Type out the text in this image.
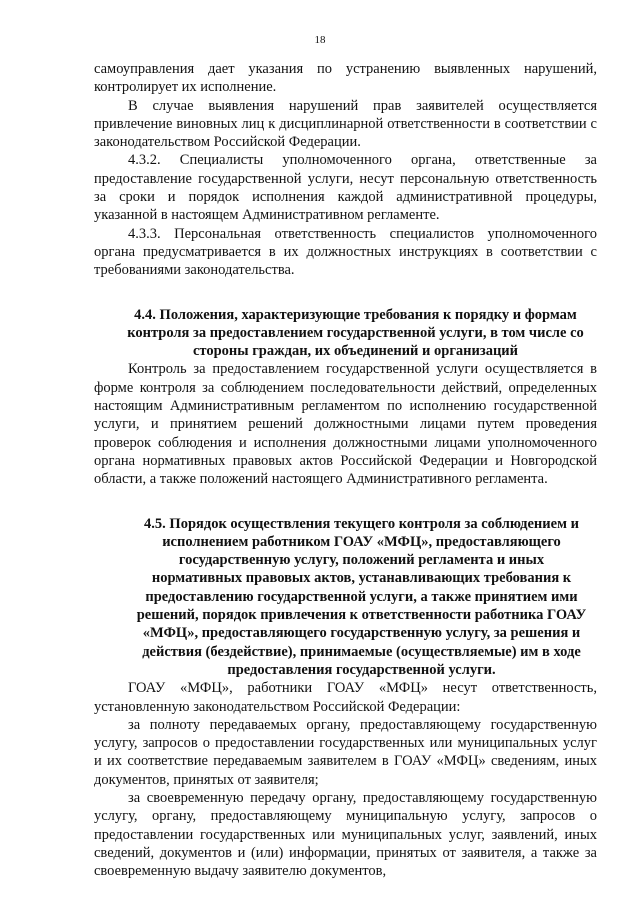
18

самоуправления дает указания по устранению выявленных нарушений, контролирует их исполнение.

В случае выявления нарушений прав заявителей осуществляется привлечение виновных лиц к дисциплинарной ответственности в соответствии с законодательством Российской Федерации.

4.3.2. Специалисты уполномоченного органа, ответственные за предоставление государственной услуги, несут персональную ответственность за сроки и порядок исполнения каждой административной процедуры, указанной в настоящем Административном регламенте.

4.3.3. Персональная ответственность специалистов уполномоченного органа предусматривается в их должностных инструкциях в соответствии с требованиями законодательства.

4.4. Положения, характеризующие требования к порядку и формам контроля за предоставлением государственной услуги, в том числе со стороны граждан, их объединений и организаций

Контроль за предоставлением государственной услуги осуществляется в форме контроля за соблюдением последовательности действий, определенных настоящим Административным регламентом по исполнению государственной услуги, и принятием решений должностными лицами путем проведения проверок соблюдения и исполнения должностными лицами уполномоченного органа нормативных правовых актов Российской Федерации и Новгородской области, а также положений настоящего Административного регламента.

4.5. Порядок осуществления текущего контроля за соблюдением и исполнением работником ГОАУ «МФЦ», предоставляющего государственную услугу, положений регламента и иных нормативных правовых актов, устанавливающих требования к предоставлению государственной услуги, а также принятием ими решений, порядок привлечения к ответственности работника ГОАУ «МФЦ», предоставляющего государственную услугу, за решения и действия (бездействие), принимаемые (осуществляемые) им в ходе предоставления государственной услуги.

ГОАУ «МФЦ», работники ГОАУ «МФЦ» несут ответственность, установленную законодательством Российской Федерации:

за полноту передаваемых органу, предоставляющему государственную услугу, запросов о предоставлении государственных или муниципальных услуг и их соответствие передаваемым заявителем в ГОАУ «МФЦ» сведениям, иных документов, принятых от заявителя;

за своевременную передачу органу, предоставляющему государственную услугу, органу, предоставляющему муниципальную услугу, запросов о предоставлении государственных или муниципальных услуг, заявлений, иных сведений, документов и (или) информации, принятых от заявителя, а также за своевременную выдачу заявителю документов,
